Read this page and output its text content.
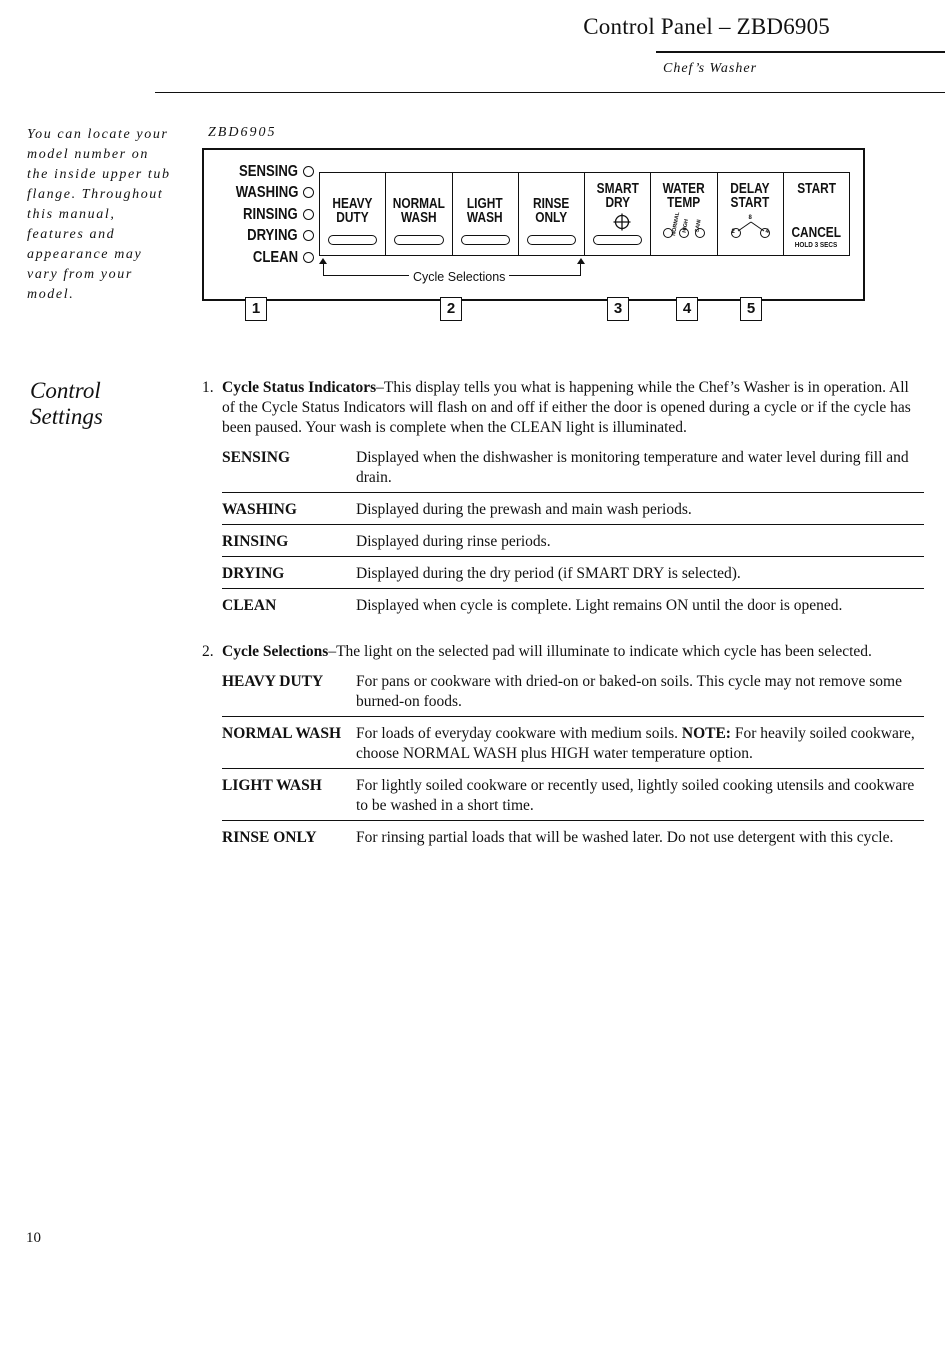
Control Panel – ZBD6905
Chef’s Washer
You can locate your model number on the inside upper tub flange. Throughout this manual, features and appearance may vary from your model.
ZBD6905
SENSING
WASHING
RINSING
DRYING
CLEAN
HEAVY
DUTY
NORMAL
WASH
LIGHT
WASH
RINSE
ONLY
SMART
DRY
WATER
TEMP
NORMAL HIGH SANI

DELAY
START
8
2	4

START
CANCEL
HOLD 3 SECS
Cycle Selections
1	2	3	4	5
Control Settings
1. Cycle Status Indicators–This display tells you what is happening while the Chef’s Washer is in operation. All of the Cycle Status Indicators will flash on and off if either the door is opened during a cycle or if the cycle has been paused. Your wash is complete when the CLEAN light is illuminated.
SENSING	Displayed when the dishwasher is monitoring temperature and water level during fill and drain.
WASHING	Displayed during the prewash and main wash periods.
RINSING	Displayed during rinse periods.
DRYING	Displayed during the dry period (if SMART DRY is selected).
CLEAN	Displayed when cycle is complete. Light remains ON until the door is opened.
2. Cycle Selections–The light on the selected pad will illuminate to indicate which cycle has been selected.
HEAVY DUTY	For pans or cookware with dried-on or baked-on soils. This cycle may not remove some burned-on foods.
NORMAL WASH For loads of everyday cookware with medium soils. NOTE: For heavily soiled cookware, choose NORMAL WASH plus HIGH water temperature option.
LIGHT WASH	For lightly soiled cookware or recently used, lightly soiled cooking utensils and cookware to be washed in a short time.
RINSE ONLY	For rinsing partial loads that will be washed later. Do not use detergent with this cycle.
10
